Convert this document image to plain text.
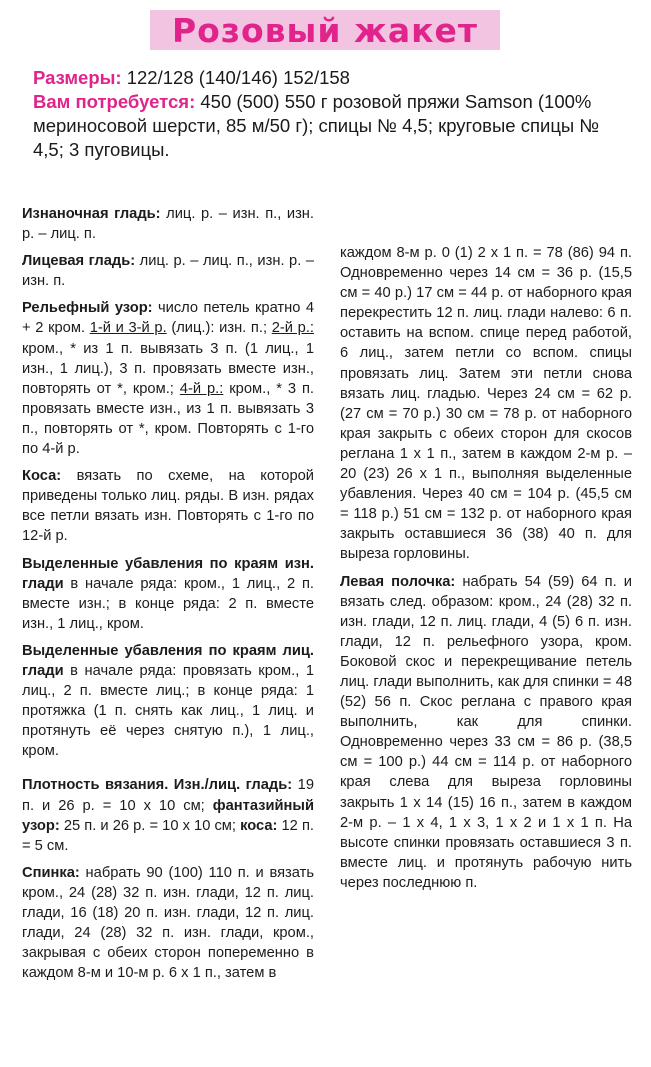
Розовый жакет
Размеры: 122/128 (140/146) 152/158
Вам потребуется: 450 (500) 550 г розовой пряжи Samson (100% мериносовой шерсти, 85 м/50 г); спицы № 4,5; круговые спицы № 4,5; 3 пуговицы.

Изнаночная гладь: лиц. р. – изн. п., изн. р. – лиц. п.

Лицевая гладь: лиц. р. – лиц. п., изн. р. – изн. п.

Рельефный узор: число петель кратно 4 + 2 кром. 1-й и 3-й р. (лиц.): изн. п.; 2-й р.: кром., * из 1 п. вывязать 3 п. (1 лиц., 1 изн., 1 лиц.), 3 п. провязать вместе изн., повторять от *, кром.; 4-й р.: кром., * 3 п. провязать вместе изн., из 1 п. вывязать 3 п., повторять от *, кром. Повторять с 1-го по 4-й р.

Коса: вязать по схеме, на которой приведены только лиц. ряды. В изн. рядах все петли вязать изн. Повторять с 1-го по 12-й р.

Выделенные убавления по краям изн. глади в начале ряда: кром., 1 лиц., 2 п. вместе изн.; в конце ряда: 2 п. вместе изн., 1 лиц., кром.

Выделенные убавления по краям лиц. глади в начале ряда: провязать кром., 1 лиц., 2 п. вместе лиц.; в конце ряда: 1 протяжка (1 п. снять как лиц., 1 лиц. и протянуть её через снятую п.), 1 лиц., кром.

Плотность вязания. Изн./лиц. гладь: 19 п. и 26 р. = 10 х 10 см; фантазийный узор: 25 п. и 26 р. = 10 х 10 см; коса: 12 п. = 5 см.

Спинка: набрать 90 (100) 110 п. и вязать кром., 24 (28) 32 п. изн. глади, 12 п. лиц. глади, 16 (18) 20 п. изн. глади, 12 п. лиц. глади, 24 (28) 32 п. изн. глади, кром., закрывая с обеих сторон попеременно в каждом 8-м и 10-м р. 6 х 1 п., затем в

каждом 8-м р. 0 (1) 2 х 1 п. = 78 (86) 94 п. Одновременно через 14 см = 36 р. (15,5 см = 40 р.) 17 см = 44 р. от наборного края перекрестить 12 п. лиц. глади налево: 6 п. оставить на вспом. спице перед работой, 6 лиц., затем петли со вспом. спицы провязать лиц. Затем эти петли снова вязать лиц. гладью. Через 24 см = 62 р. (27 см = 70 р.) 30 см = 78 р. от наборного края закрыть с обеих сторон для скосов реглана 1 х 1 п., затем в каждом 2-м р. – 20 (23) 26 х 1 п., выполняя выделенные убавления. Через 40 см = 104 р. (45,5 см = 118 р.) 51 см = 132 р. от наборного края закрыть оставшиеся 36 (38) 40 п. для выреза горловины.

Левая полочка: набрать 54 (59) 64 п. и вязать след. образом: кром., 24 (28) 32 п. изн. глади, 12 п. лиц. глади, 4 (5) 6 п. изн. глади, 12 п. рельефного узора, кром. Боковой скос и перекрещивание петель лиц. глади выполнить, как для спинки = 48 (52) 56 п. Скос реглана с правого края выполнить, как для спинки. Одновременно через 33 см = 86 р. (38,5 см = 100 р.) 44 см = 114 р. от наборного края слева для выреза горловины закрыть 1 х 14 (15) 16 п., затем в каждом 2-м р. – 1 х 4, 1 х 3, 1 х 2 и 1 х 1 п. На высоте спинки провязать оставшиеся 3 п. вместе лиц. и протянуть рабочую нить через последнюю п.
